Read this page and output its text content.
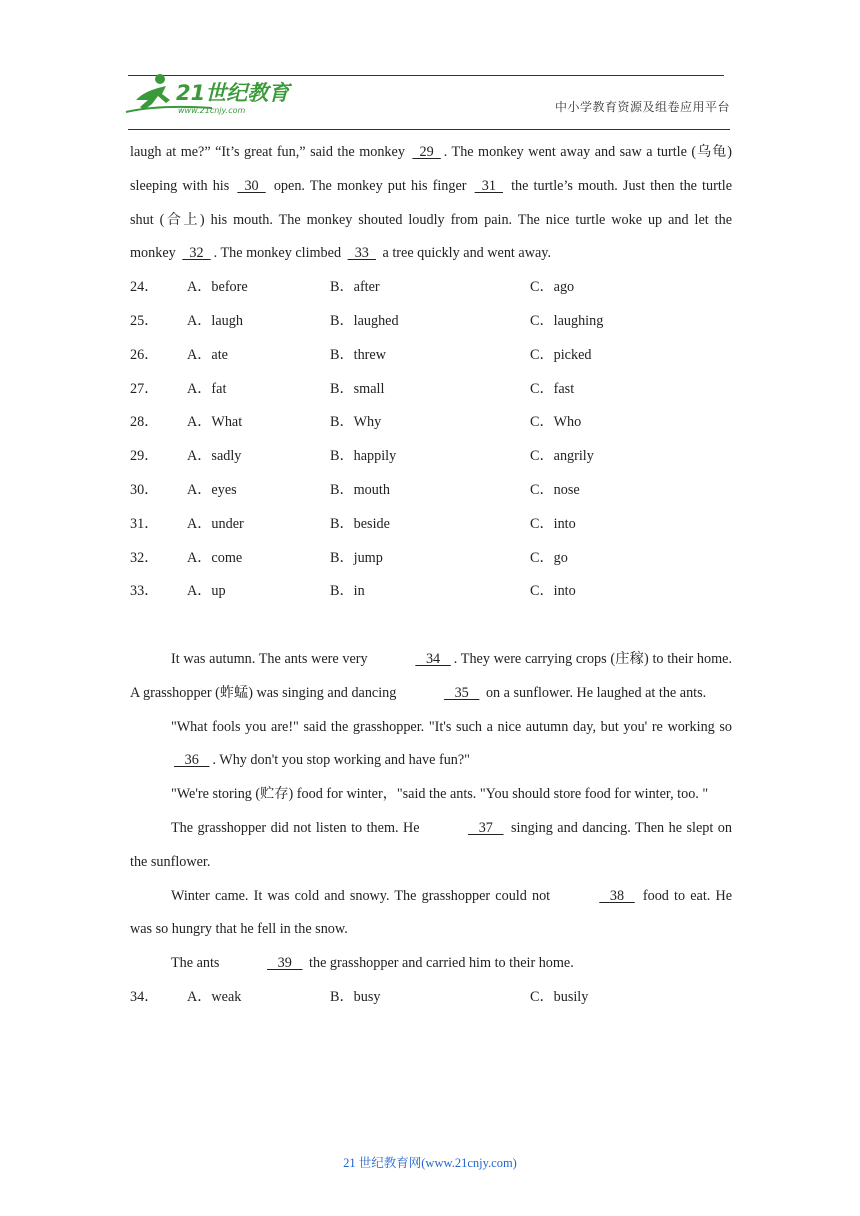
21世纪教育
www.21cnjy.com	中小学教育资源及组卷应用平台

laugh at me?” “It’s great fun,” said the monkey   29  . The monkey went away and saw a turtle (乌龟) sleeping with his   30   open. The monkey put his finger   31   the turtle’s mouth. Just then the turtle shut (合上) his mouth. The monkey shouted loudly from pain. The nice turtle woke up and let the monkey   32  . The monkey climbed   33   a tree quickly and went away.

24．	A．before	B．after	C．ago
25．	A．laugh	B．laughed	C．laughing
26．	A．ate	B．threw	C．picked
27．	A．fat	B．small	C．fast
28．	A．What	B．Why	C．Who
29．	A．sadly	B．happily	C．angrily
30．	A．eyes	B．mouth	C．nose
31．	A．under	B．beside	C．into
32．	A．come	B．jump	C．go
33．	A．up	B．in	C．into

It was autumn. The ants were very	34   . They were carrying crops (庄稼) to their home. A grasshopper (蚱蜢) was singing and dancing	35    on a sunflower. He laughed at the ants.

"What fools you are!" said the grasshopper. "It's such a nice autumn day, but you' re working so    36   . Why don't you stop working and have fun?"

"We're storing (贮存) food for winter，"said the ants. "You should store food for winter, too. "

The grasshopper did not listen to them. He	37    singing and dancing. Then he slept on the sunflower.

Winter came. It was cold and snowy. The grasshopper could not	38    food to eat. He was so hungry that he fell in the snow.

The ants	39    the grasshopper and carried him to their home.

34．	A．weak	B．busy	C．busily
21 世纪教育网(www.21cnjy.com)
